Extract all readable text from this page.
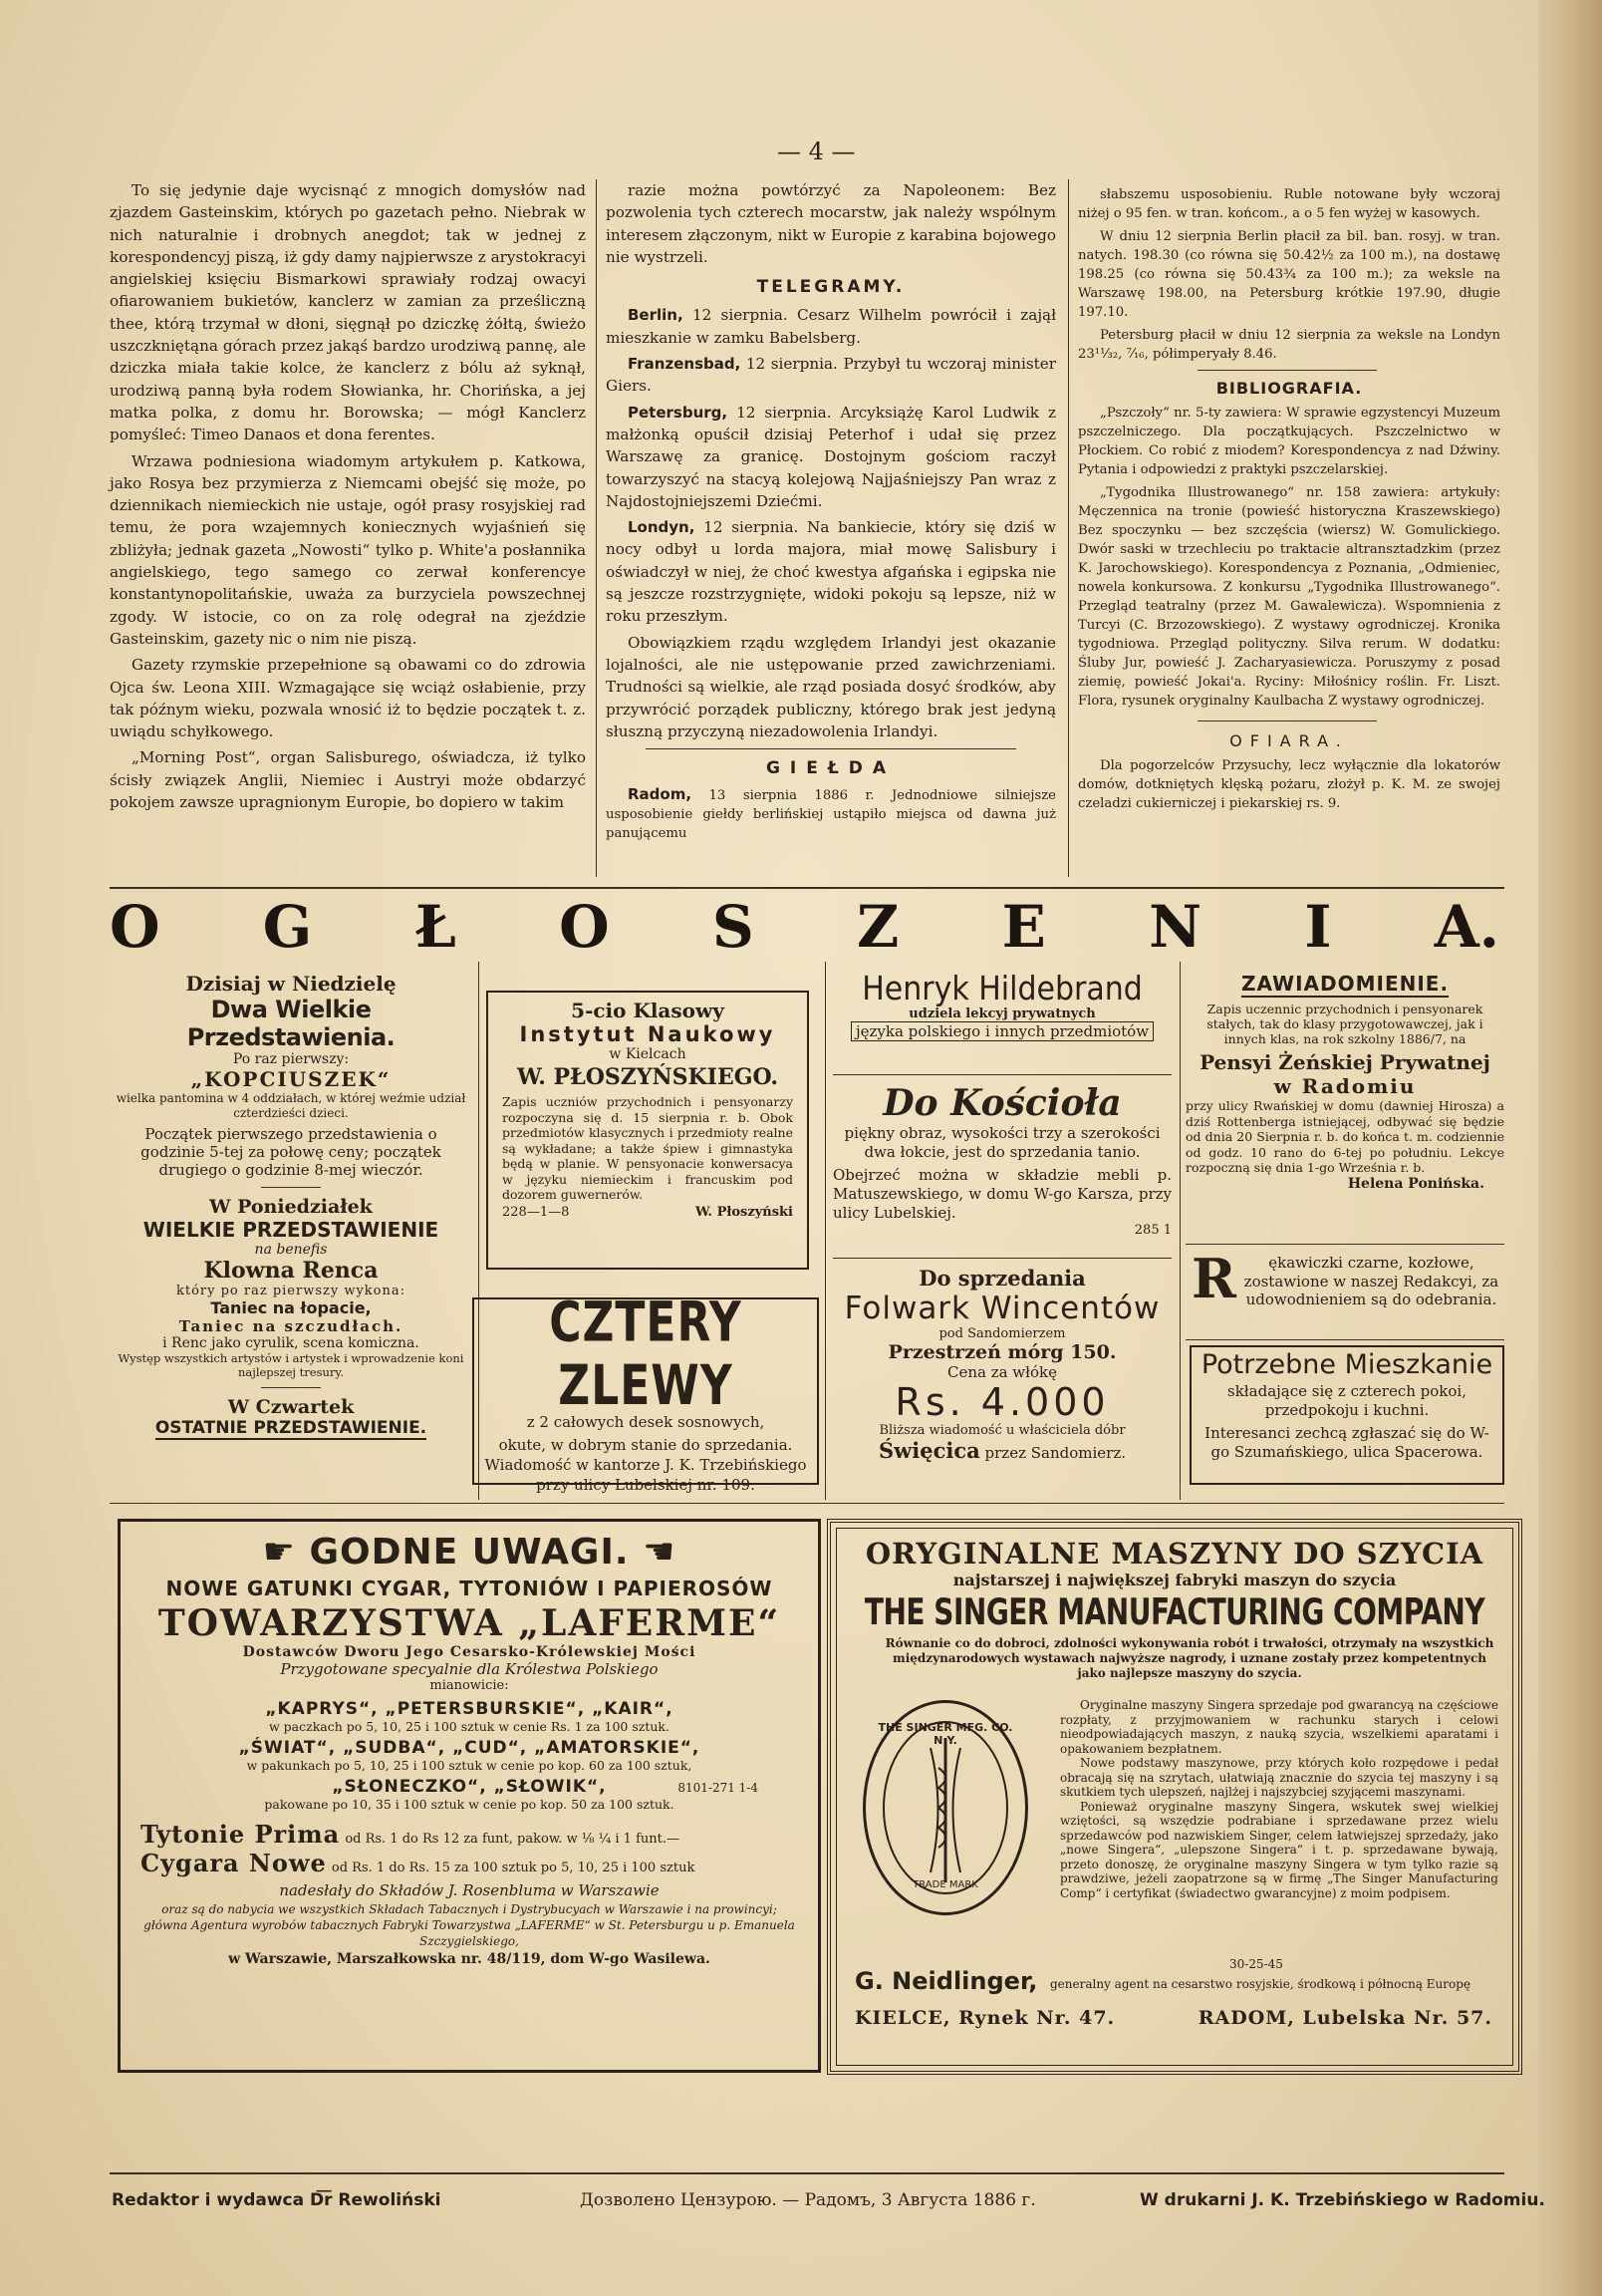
— 4 —

To się jedynie daje wycisnąć z mnogich domysłów nad zjazdem Gasteinskim, których po gazetach pełno. Niebrak w nich naturalnie i drobnych anegdot; tak w jednej z korespondencyj piszą, iż gdy damy najpierwsze z arystokracyi angielskiej księciu Bismarkowi sprawiały rodzaj owacyi ofiarowaniem bukietów, kanclerz w zamian za prześliczną thee, którą trzymał w dłoni, sięgnął po dziczkę żółtą, świeżo uszczkniętąna górach przez jakąś bardzo urodziwą pannę, ale dziczka miała takie kolce, że kanclerz z bólu aż syknął, urodziwą panną była rodem Słowianka, hr. Chorińska, a jej matka polka, z domu hr. Borowska; — mógł Kanclerz pomyśleć: Timeo Danaos et dona ferentes.

Wrzawa podniesiona wiadomym artykułem p. Katkowa, jako Rosya bez przymierza z Niemcami obejść się może, po dziennikach niemieckich nie ustaje, ogół prasy rosyjskiej rad temu, że pora wzajemnych koniecznych wyjaśnień się zbliżyła; jednak gazeta „Nowosti“ tylko p. White'a posłannika angielskiego, tego samego co zerwał konferencye konstantynopolitańskie, uważa za burzyciela powszechnej zgody. W istocie, co on za rolę odegrał na zjeździe Gasteinskim, gazety nic o nim nie piszą.

Gazety rzymskie przepełnione są obawami co do zdrowia Ojca św. Leona XIII. Wzmagające się wciąż osłabienie, przy tak późnym wieku, pozwala wnosić iż to będzie początek t. z. uwiądu schyłkowego.

„Morning Post“, organ Salisburego, oświadcza, iż tylko ścisły związek Anglii, Niemiec i Austryi może obdarzyć pokojem zawsze upragnionym Europie, bo dopiero w takim

razie można powtórzyć za Napoleonem: Bez pozwolenia tych czterech mocarstw, jak należy wspólnym interesem złączonym, nikt w Europie z karabina bojowego nie wystrzeli.

TELEGRAMY.

Berlin, 12 sierpnia. Cesarz Wilhelm powrócił i zajął mieszkanie w zamku Babelsberg.

Franzensbad, 12 sierpnia. Przybył tu wczoraj minister Giers.

Petersburg, 12 sierpnia. Arcyksiążę Karol Ludwik z małżonką opuścił dzisiaj Peterhof i udał się przez Warszawę za granicę. Dostojnym gościom raczył towarzyszyć na stacyą kolejową Najjaśniejszy Pan wraz z Najdostojniejszemi Dziećmi.

Londyn, 12 sierpnia. Na bankiecie, który się dziś w nocy odbył u lorda majora, miał mowę Salisbury i oświadczył w niej, że choć kwestya afgańska i egipska nie są jeszcze rozstrzygnięte, widoki pokoju są lepsze, niż w roku przeszłym.

Obowiązkiem rządu względem Irlandyi jest okazanie lojalności, ale nie ustępowanie przed zawichrzeniami. Trudności są wielkie, ale rząd posiada dosyć środków, aby przywrócić porządek publiczny, którego brak jest jedyną słuszną przyczyną niezadowolenia Irlandyi.

GIEŁDA

Radom, 13 sierpnia 1886 r. Jednodniowe silniejsze usposobienie giełdy berlińskiej ustąpiło miejsca od dawna już panującemu

słabszemu usposobieniu. Ruble notowane były wczoraj niżej o 95 fen. w tran. końcom., a o 5 fen wyżej w kasowych.

W dniu 12 sierpnia Berlin płacił za bil. ban. rosyj. w tran. natych. 198.30 (co równa się 50.42½ za 100 m.), na dostawę 198.25 (co równa się 50.43¾ za 100 m.); za weksle na Warszawę 198.00, na Petersburg krótkie 197.90, długie 197.10.

Petersburg płacił w dniu 12 sierpnia za weksle na Londyn 23¹¹⁄₃₂, ⁷⁄₁₆, półimperyały 8.46.

BIBLIOGRAFIA.

„Pszczoły“ nr. 5-ty zawiera: W sprawie egzystencyi Muzeum pszczelniczego. Dla początkujących. Pszczelnictwo w Płockiem. Co robić z miodem? Korespondencya z nad Dźwiny. Pytania i odpowiedzi z praktyki pszczelarskiej.

„Tygodnika Illustrowanego“ nr. 158 zawiera: artykuły: Męczennica na tronie (powieść historyczna Kraszewskiego) Bez spoczynku — bez szczęścia (wiersz) W. Gomulickiego. Dwór saski w trzechleciu po traktacie altransztadzkim (przez K. Jarochowskiego). Korespondencya z Poznania, „Odmieniec, nowela konkursowa. Z konkursu „Tygodnika Illustrowanego“. Przegląd teatralny (przez M. Gawalewicza). Wspomnienia z Turcyi (C. Brzozowskiego). Z wystawy ogrodniczej. Kronika tygodniowa. Przegląd polityczny. Silva rerum. W dodatku: Śluby Jur, powieść J. Zacharyasiewicza. Poruszymy z posad ziemię, powieść Jokai'a. Ryciny: Miłośnicy roślin. Fr. Liszt. Flora, rysunek oryginalny Kaulbacha Z wystawy ogrodniczej.

OFIARA.

Dla pogorzelców Przysuchy, lecz wyłącznie dla lokatorów domów, dotkniętych klęską pożaru, złożył p. K. M. ze swojej czeladzi cukierniczej i piekarskiej rs. 9.

O G Ł O S Z E N I A.
Dzisiaj w Niedzielę
Dwa Wielkie Przedstawienia.
Po raz pierwszy:
„KOPCIUSZEK“
wielka pantomina w 4 oddziałach, w której weźmie udział czterdzieści dzieci.
Początek pierwszego przedstawienia o godzinie 5-tej za połowę ceny; początek drugiego o godzinie 8-mej wieczór.
W Poniedziałek
WIELKIE PRZEDSTAWIENIE
na benefis
Klowna Renca
który po raz pierwszy wykona:
Taniec na łopacie,
Taniec na szczudłach.
i Renc jako cyrulik, scena komiczna.
Występ wszystkich artystów i artystek i wprowadzenie koni najlepszej tresury.
W Czwartek
OSTATNIE PRZEDSTAWIENIE.
5-cio Klasowy
Instytut Naukowy
w Kielcach
W. PŁOSZYŃSKIEGO.
Zapis uczniów przychodnich i pensyonarzy rozpoczyna się d. 15 sierpnia r. b. Obok przedmiotów klasycznych i przedmioty realne są wykładane; a także śpiew i gimnastyka będą w planie. W pensyonacie konwersacya w języku niemieckim i francuskim pod dozorem guwernerów.
228—1—8	W. Płoszyński
CZTERY ZLEWY
z 2 całowych desek sosnowych,
okute, w dobrym stanie do sprzedania. Wiadomość w kantorze J. K. Trzebińskiego przy ulicy Lubelskiej nr. 109.
Henryk Hildebrand
udziela lekcyj prywatnych
języka polskiego i innych przedmiotów
Do Kościoła
piękny obraz, wysokości trzy a szerokości dwa łokcie, jest do sprzedania tanio.
Obejrzeć można w składzie mebli p. Matuszewskiego, w domu W-go Karsza, przy ulicy Lubelskiej.
285 1
Do sprzedania
Folwark Wincentów
pod Sandomierzem
Przestrzeń mórg 150.
Cena za włókę
Rs. 4.000
Bliższa wiadomość u właściciela dóbr
Święcica przez Sandomierz.
ZAWIADOMIENIE.
Zapis uczennic przychodnich i pensyonarek stałych, tak do klasy przygotowawczej, jak i innych klas, na rok szkolny 1886/7, na
Pensyi Żeńskiej Prywatnej
w Radomiu
przy ulicy Rwańskiej w domu (dawniej Hirosza) a dziś Rottenberga istniejącej, odbywać się będzie od dnia 20 Sierpnia r. b. do końca t. m. codziennie od godz. 10 rano do 6-tej po południu. Lekcye rozpoczną się dnia 1-go Września r. b.
Helena Ponińska.
R	ękawiczki czarne, kozłowe, zostawione w naszej Redakcyi, za udowodnieniem są do odebrania.
Potrzebne Mieszkanie
składające się z czterech pokoi, przedpokoju i kuchni.
Interesanci zechcą zgłaszać się do W-go Szumańskiego, ulica Spacerowa.
☛ GODNE UWAGI. ☚
NOWE GATUNKI CYGAR, TYTONIÓW I PAPIEROSÓW
TOWARZYSTWA „LAFERME“
Dostawców Dworu Jego Cesarsko-Królewskiej Mości
Przygotowane specyalnie dla Królestwa Polskiego
mianowicie:
„KAPRYS“, „PETERSBURSKIE“, „KAIR“,
w paczkach po 5, 10, 25 i 100 sztuk w cenie Rs. 1 za 100 sztuk.
„ŚWIAT“, „SUDBA“, „CUD“, „AMATORSKIE“,
w pakunkach po 5, 10, 25 i 100 sztuk w cenie po kop. 60 za 100 sztuk,
„SŁONECZKO“, „SŁOWIK“,	8101-271 1-4
pakowane po 10, 35 i 100 sztuk w cenie po kop. 50 za 100 sztuk.
Tytonie Prima od Rs. 1 do Rs 12 za funt, pakow. w ⅛ ¼ i 1 funt.—
Cygara Nowe od Rs. 1 do Rs. 15 za 100 sztuk po 5, 10, 25 i 100 sztuk
nadesłały do Składów J. Rosenbluma w Warszawie
oraz są do nabycia we wszystkich Składach Tabacznych i Dystrybucyach w Warszawie i na prowincyi; główna Agentura wyrobów tabacznych Fabryki Towarzystwa „LAFERME“ w St. Petersburgu u p. Emanuela Szczygielskiego,
w Warszawie, Marszałkowska nr. 48/119, dom W-go Wasilewa.
ORYGINALNE MASZYNY DO SZYCIA
najstarszej i największej fabryki maszyn do szycia
THE SINGER MANUFACTURING COMPANY
Równanie co do dobroci, zdolności wykonywania robót i trwałości, otrzymały na wszystkich międzynarodowych wystawach najwyższe nagrody, i uznane zostały przez kompetentnych jako najlepsze maszyny do szycia.
Oryginalne maszyny Singera sprzedaje pod gwarancyą na częściowe rozpłaty, z przyjmowaniem w rachunku starych i celowi nieodpowiadających maszyn, z nauką szycia, wszelkiemi aparatami i opakowaniem bezpłatnem.
Nowe podstawy maszynowe, przy których koło rozpędowe i pedał obracają się na szrytach, ułatwiają znacznie do szycia tej maszyny i są skutkiem tych ulepszeń, najlżej i najszybciej szyjącemi maszynami.
Ponieważ oryginalne maszyny Singera, wskutek swej wielkiej wziętości, są wszędzie podrabiane i sprzedawane przez wielu sprzedawców pod nazwiskiem Singer, celem łatwiejszej sprzedaży, jako „nowe Singera“, „ulepszone Singera“ i t. p. sprzedawane bywają, przeto donoszę, że oryginalne maszyny Singera w tym tylko razie są prawdziwe, jeżeli zaopatrzone są w firmę „The Singer Manufacturing Comp“ i certyfikat (świadectwo gwarancyjne) z moim podpisem.
G. Neidlinger,
30-25-45
generalny agent na cesarstwo rosyjskie, środkową i północną Europę
KIELCE, Rynek Nr. 47.	RADOM, Lubelska Nr. 57.
THE SINGER MFG. CO. N.Y.
TRADE MARK
Redaktor i wydawca D͞r Rewoliński	Дозволено Цензурою. — Радомъ, 3 Августа 1886 г.	W drukarni J. K. Trzebińskiego w Radomiu.
